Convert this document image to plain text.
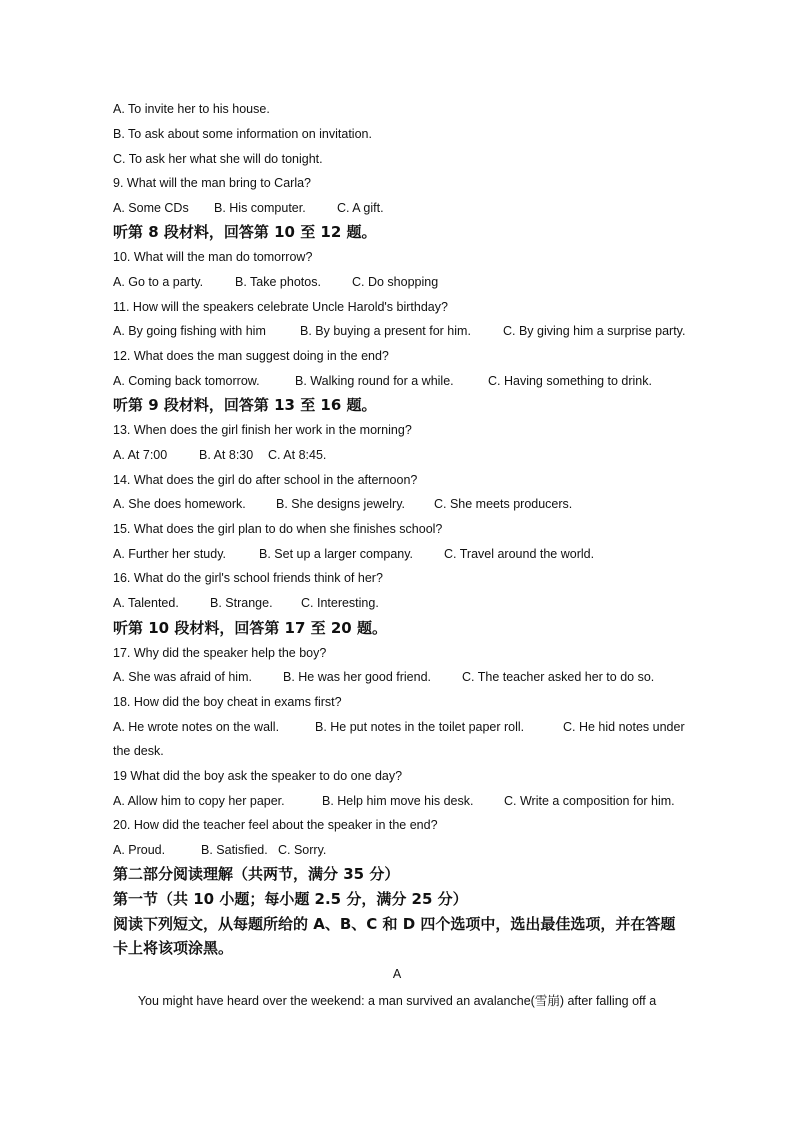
A. To invite her to his house.
B. To ask about some information on invitation.
C. To ask her what she will do tonight.
9. What will the man bring to Carla?
A. Some CDs B. His computer.	C. A gift.
听第 8 段材料，回答第 10 至 12 题。
10. What will the man do tomorrow?
A. Go to a party.	B. Take photos. C. Do shopping
11. How will the speakers celebrate Uncle Harold's birthday?
A. By going fishing with him	B. By buying a present for him.	C. By giving him a surprise party.
12. What does the man suggest doing in the end?
A. Coming back tomorrow.	B. Walking round for a while.	C. Having something to drink.
听第 9 段材料，回答第 13 至 16 题。
13. When does the girl finish her work in the morning?
A. At 7:00	B. At 8:30 C. At 8:45.
14. What does the girl do after school in the afternoon?
A. She does homework. B. She designs jewelry. C. She meets producers.
15. What does the girl plan to do when she finishes school?
A. Further her study.	B. Set up a larger company. C. Travel around the world.
16. What do the girl's school friends think of her?
A. Talented. B. Strange. C. Interesting.
听第 10 段材料，回答第 17 至 20 题。
17. Why did the speaker help the boy?
A. She was afraid of him. B. He was her good friend. C. The teacher asked her to do so.
18. How did the boy cheat in exams first?
A. He wrote notes on the wall.	B. He put notes in the toilet paper roll.	C. He hid notes under
the desk.
19 What did the boy ask the speaker to do one day?
A. Allow him to copy her paper.	B. Help him move his desk. C. Write a composition for him.
20. How did the teacher feel about the speaker in the end?
A. Proud.	B. Satisfied. C. Sorry.
第二部分阅读理解（共两节，满分 35 分）
第一节（共 10 小题；每小题 2.5 分，满分 25 分）
阅读下列短文，从每题所给的 A、B、C 和 D 四个选项中，选出最佳选项，并在答题
卡上将该项涂黑。
A
You might have heard over the weekend: a man survived an avalanche(雪崩) after falling off a
